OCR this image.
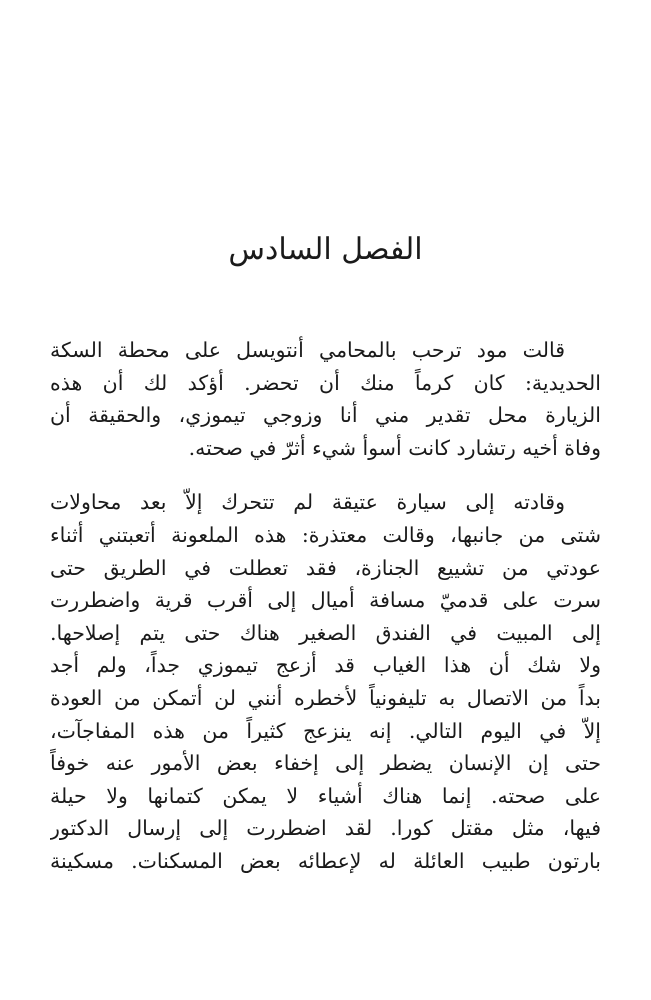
الفصل السادس

قالت مود ترحب بالمحامي أنتويسل على محطة السكة
الحديدية: كان كرماً منك أن تحضر. أؤكد لك أن هذه
الزيارة محل تقدير مني أنا وزوجي تيموزي، والحقيقة أن
وفاة أخيه رتشارد كانت أسوأ شيء أثرّ في صحته.

وقادته إلى سيارة عتيقة لم تتحرك إلاّ بعد محاولات
شتى من جانبها، وقالت معتذرة: هذه الملعونة أتعبتني أثناء
عودتي من تشييع الجنازة، فقد تعطلت في الطريق حتى
سرت على قدميّ مسافة أميال إلى أقرب قرية واضطررت
إلى المبيت في الفندق الصغير هناك حتى يتم إصلاحها.
ولا شك أن هذا الغياب قد أزعج تيموزي جداً، ولم أجد
بداً من الاتصال به تليفونياً لأخطره أنني لن أتمكن من العودة
إلاّ في اليوم التالي. إنه ينزعج كثيراً من هذه المفاجآت،
حتى إن الإنسان يضطر إلى إخفاء بعض الأمور عنه خوفاً
على صحته. إنما هناك أشياء لا يمكن كتمانها ولا حيلة
فيها، مثل مقتل كورا. لقد اضطررت إلى إرسال الدكتور
بارتون طبيب العائلة له لإعطائه بعض المسكنات. مسكينة
